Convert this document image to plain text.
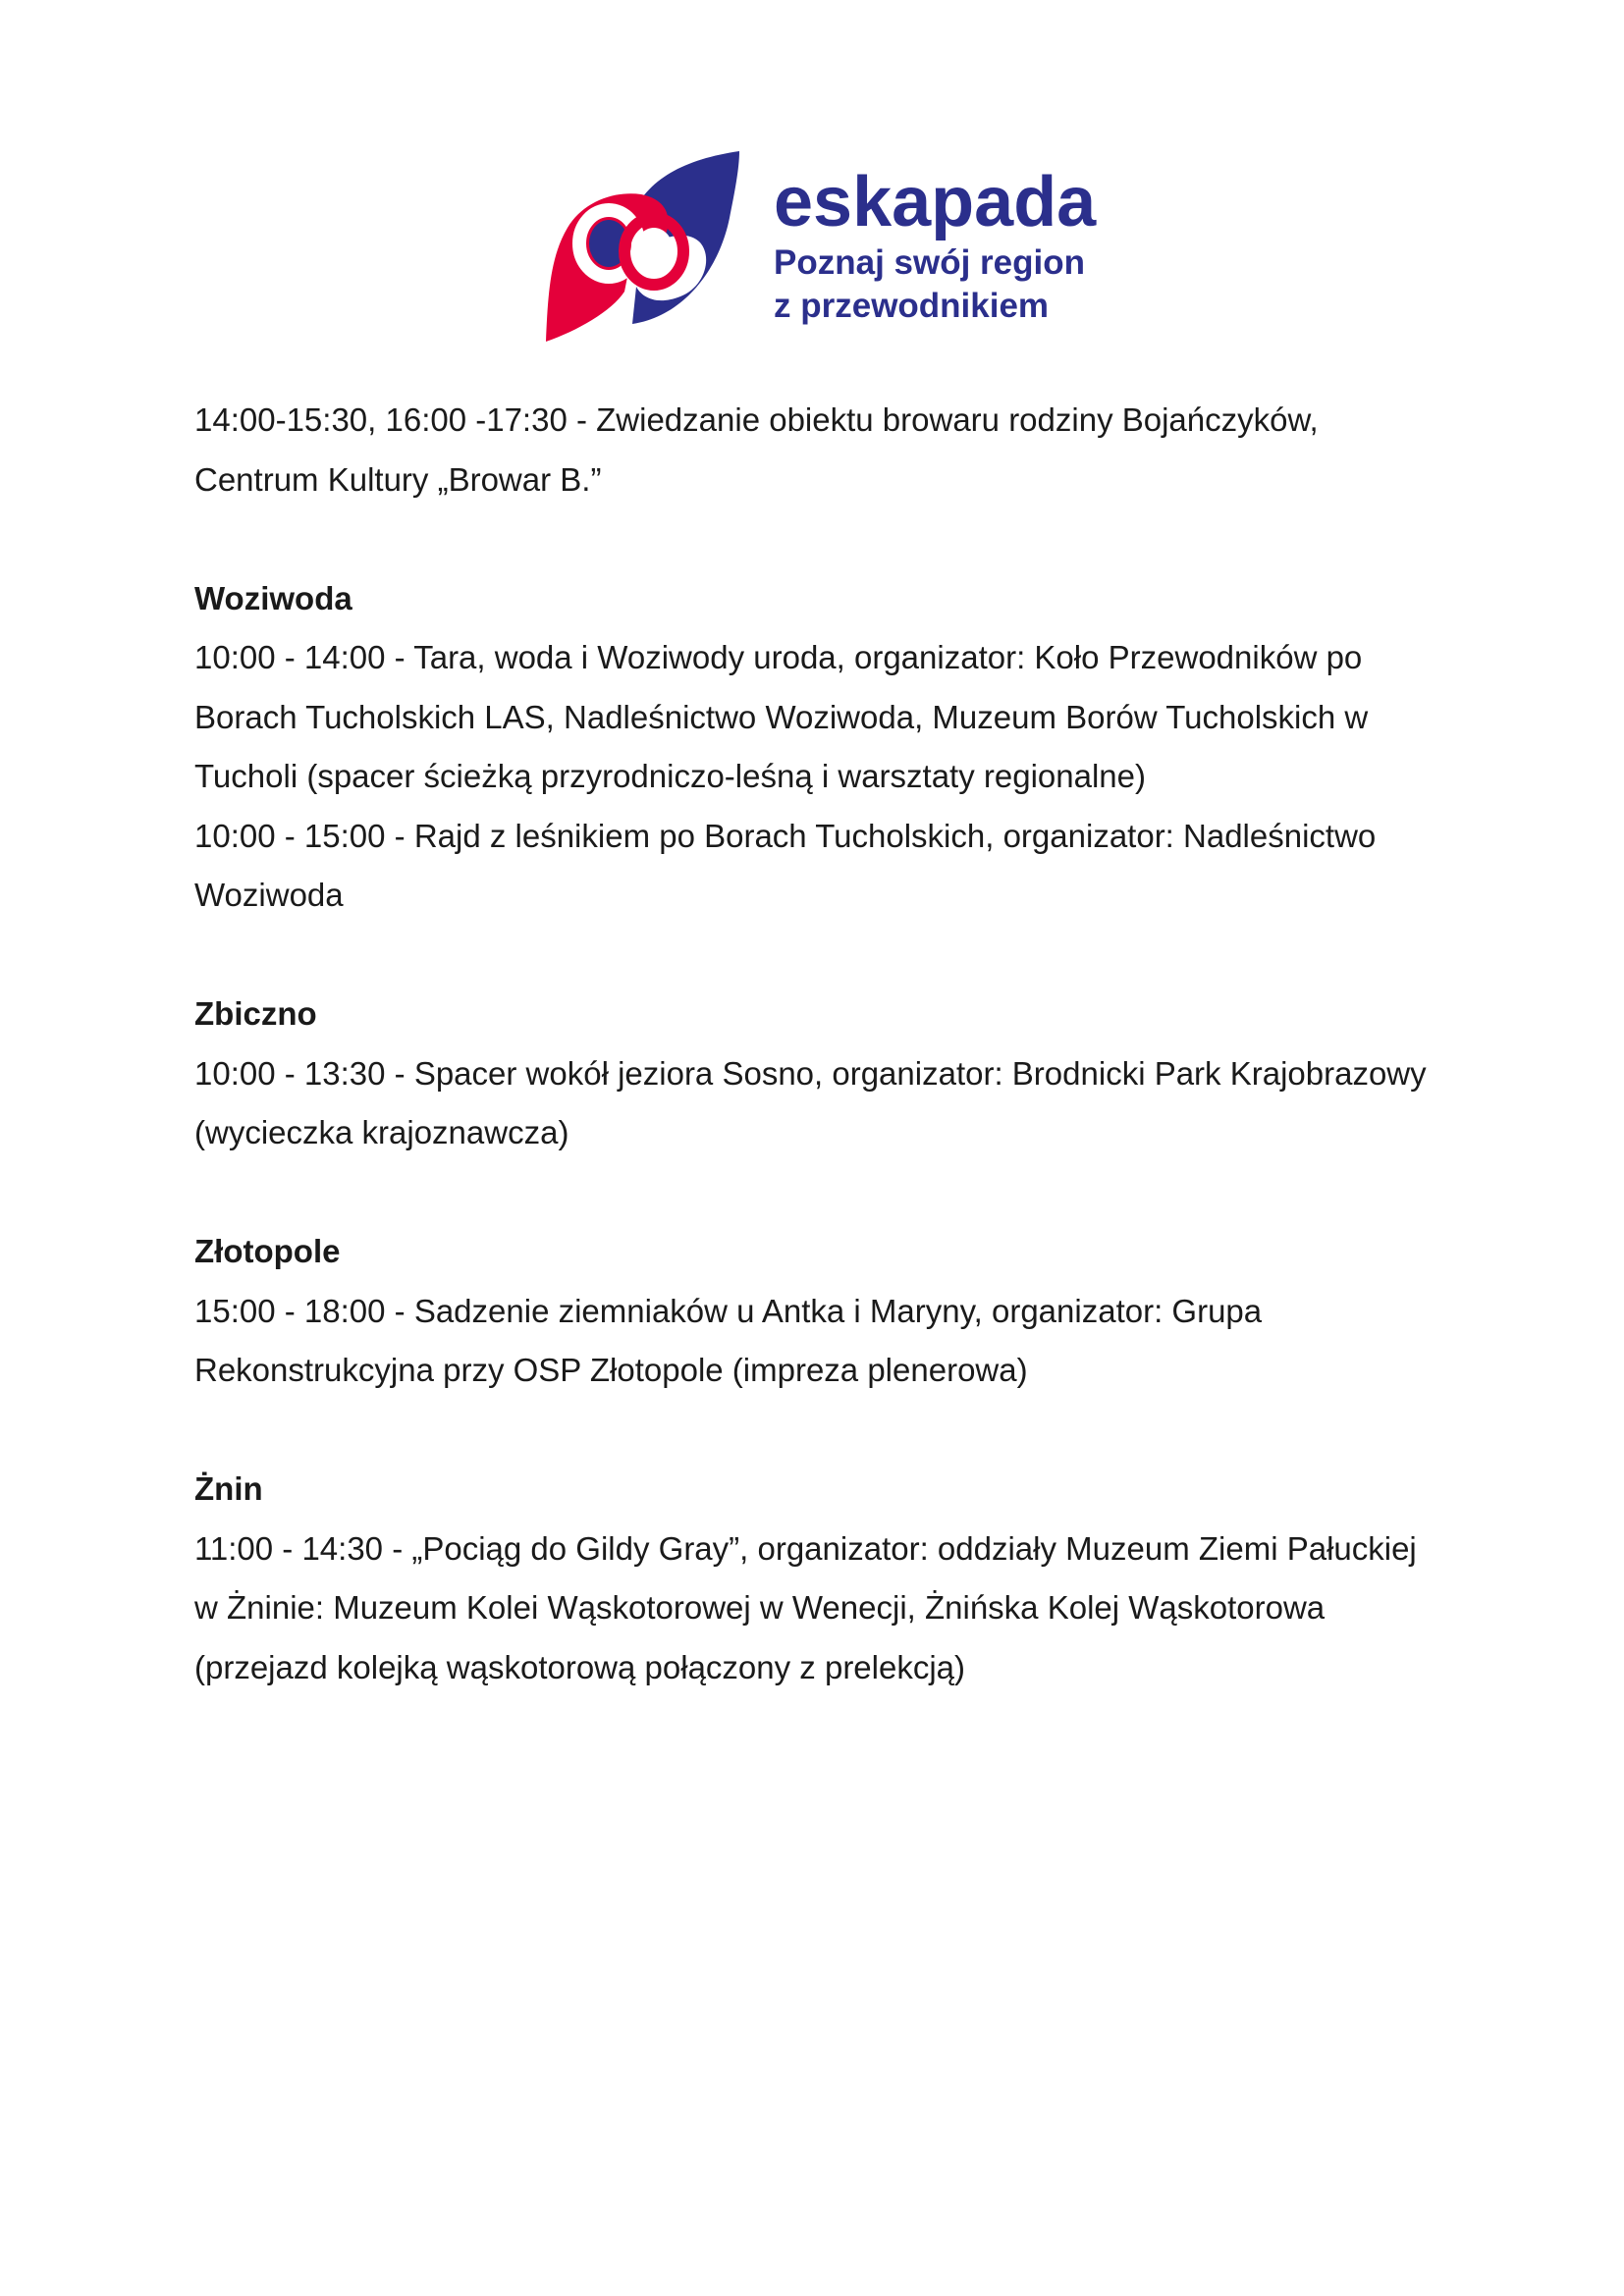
eskapada
Poznaj swój region
z przewodnikiem

14:00-15:30, 16:00 -17:30 - Zwiedzanie obiektu browaru rodziny Bojańczyków,

Centrum Kultury „Browar B.”

Woziwoda

10:00 - 14:00 - Tara, woda i Woziwody uroda, organizator: Koło Przewodników po

Borach Tucholskich LAS, Nadleśnictwo Woziwoda, Muzeum Borów Tucholskich w

Tucholi (spacer ścieżką przyrodniczo-leśną i warsztaty regionalne)

10:00 - 15:00 - Rajd z leśnikiem po Borach Tucholskich, organizator: Nadleśnictwo

Woziwoda

Zbiczno

10:00 - 13:30 - Spacer wokół jeziora Sosno, organizator: Brodnicki Park Krajobrazowy

(wycieczka krajoznawcza)

Złotopole

15:00 - 18:00 - Sadzenie ziemniaków u Antka i Maryny, organizator: Grupa

Rekonstrukcyjna przy OSP Złotopole (impreza plenerowa)

Żnin

11:00 - 14:30 - „Pociąg do Gildy Gray”, organizator: oddziały Muzeum Ziemi Pałuckiej

w Żninie: Muzeum Kolei Wąskotorowej w Wenecji, Żnińska Kolej Wąskotorowa

(przejazd kolejką wąskotorową połączony z prelekcją)
